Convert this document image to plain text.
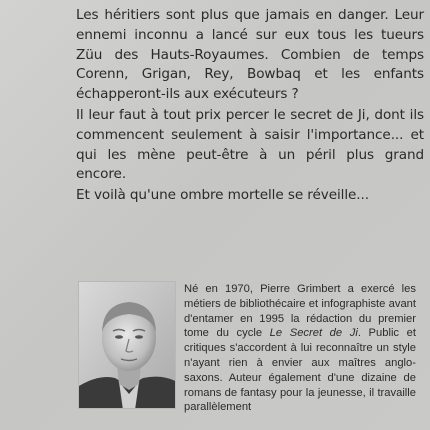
Les héritiers sont plus que jamais en danger. Leur ennemi inconnu a lancé sur eux tous les tueurs Züu des Hauts-Royaumes. Combien de temps Corenn, Grigan, Rey, Bowbaq et les enfants échapperont-ils aux exécuteurs ?

Il leur faut à tout prix percer le secret de Ji, dont ils commencent seulement à saisir l'importance... et qui les mène peut-être à un péril plus grand encore.

Et voilà qu'une ombre mortelle se réveille...

Né en 1970, Pierre Grimbert a exercé les métiers de bibliothécaire et infographiste avant d'entamer en 1995 la rédaction du premier tome du cycle Le Secret de Ji. Public et critiques s'accordent à lui reconnaître un style n'ayant rien à envier aux maîtres anglo-saxons. Auteur également d'une dizaine de romans de fantasy pour la jeunesse, il travaille parallèlement
